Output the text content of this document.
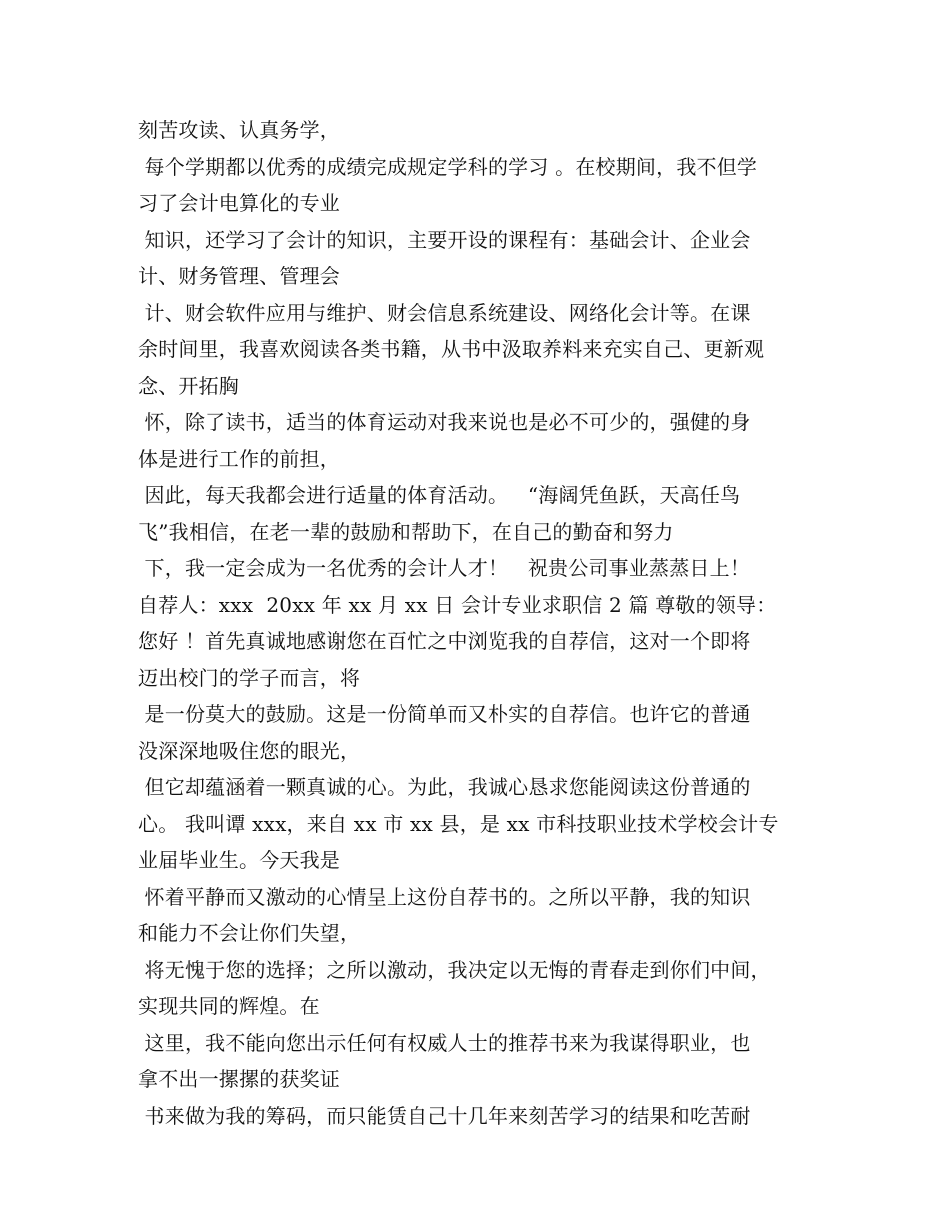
刻苦攻读、认真务学，
每个学期都以优秀的成绩完成规定学科的学习 。在校期间，我不但学
习了会计电算化的专业
知识，还学习了会计的知识，主要开设的课程有：基础会计、企业会
计、财务管理、管理会
计、财会软件应用与维护、财会信息系统建设、网络化会计等。在课
余时间里，我喜欢阅读各类书籍，从书中汲取养料来充实自己、更新观
念、开拓胸
怀，除了读书，适当的体育运动对我来说也是必不可少的，强健的身
体是进行工作的前担，
因此，每天我都会进行适量的体育活动。   “海阔凭鱼跃，天高任鸟
飞”我相信，在老一辈的鼓励和帮助下，在自己的勤奋和努力
下，我一定会成为一名优秀的会计人才！   祝贵公司事业蒸蒸日上！
自荐人：xxx  20xx 年 xx 月 xx 日 会计专业求职信 2 篇 尊敬的领导：
您好 ！首先真诚地感谢您在百忙之中浏览我的自荐信，这对一个即将
迈出校门的学子而言，将
是一份莫大的鼓励。这是一份简单而又朴实的自荐信。也许它的普通
没深深地吸住您的眼光，
但它却蕴涵着一颗真诚的心。为此，我诚心恳求您能阅读这份普通的
心。 我叫谭 xxx，来自 xx 市 xx 县，是 xx 市科技职业技术学校会计专
业届毕业生。今天我是
怀着平静而又激动的心情呈上这份自荐书的。之所以平静，我的知识
和能力不会让你们失望，
将无愧于您的选择；之所以激动，我决定以无悔的青春走到你们中间，
实现共同的辉煌。在
这里，我不能向您出示任何有权威人士的推荐书来为我谋得职业，也
拿不出一摞摞的获奖证
书来做为我的筹码，而只能赁自己十几年来刻苦学习的结果和吃苦耐
